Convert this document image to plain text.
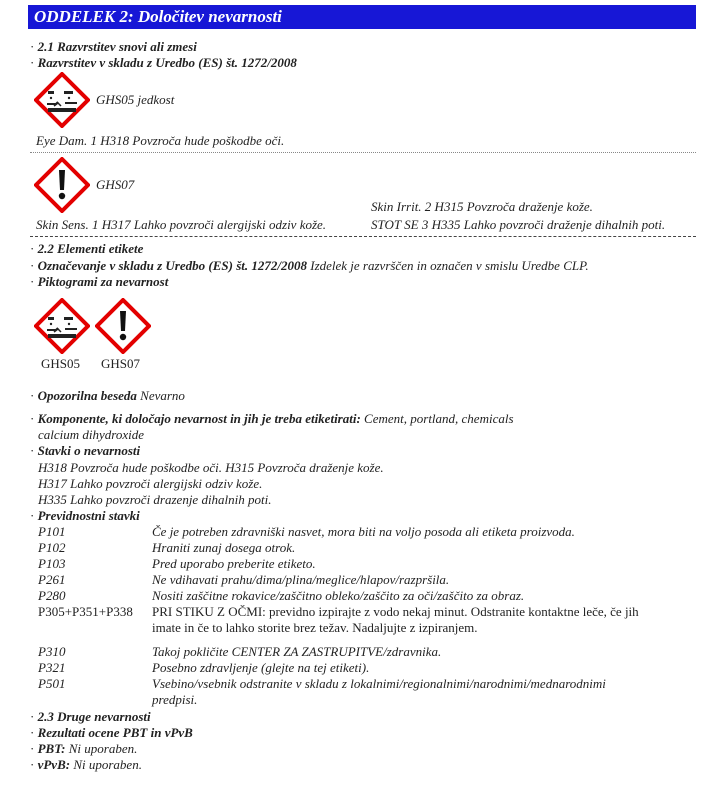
ODDELEK 2: Določitev nevarnosti
· 2.1 Razvrstitev snovi ali zmesi
· Razvrstitev v skladu z Uredbo (ES) št. 1272/2008
GHS05 jedkost
Eye Dam. 1 H318 Povzroča hude poškodbe oči.
GHS07
Skin Irrit. 2 H315 Povzroča draženje kože.
Skin Sens. 1 H317 Lahko povzroči alergijski odziv kože.	STOT SE 3 H335 Lahko povzroči draženje dihalnih poti.
· 2.2 Elementi etikete
· Označevanje v skladu z Uredbo (ES) št. 1272/2008 Izdelek je razvrščen in označen v smislu Uredbe CLP.
· Piktogrami za nevarnost
GHS05 GHS07
· Opozorilna beseda Nevarno
· Komponente, ki določajo nevarnost in jih je treba etiketirati: Cement, portland, chemicals
calcium dihydroxide
· Stavki o nevarnosti
H318 Povzroča hude poškodbe oči. H315 Povzroča draženje kože.
H317 Lahko povzroči alergijski odziv kože.
H335 Lahko povzroči drazenje dihalnih poti.
· Previdnostni stavki
P101	Če je potreben zdravniški nasvet, mora biti na voljo posoda ali etiketa proizvoda.
P102	Hraniti zunaj dosega otrok.
P103	Pred uporabo preberite etiketo.
P261	Ne vdihavati prahu/dima/plina/meglice/hlapov/razpršila.
P280	Nositi zaščitne rokavice/zaščitno obleko/zaščito za oči/zaščito za obraz.
P305+P351+P338 PRI STIKU Z OČMI: previdno izpirajte z vodo nekaj minut. Odstranite kontaktne leče, če jih
imate in če to lahko storite brez težav. Nadaljujte z izpiranjem.
P310	Takoj pokličite CENTER ZA ZASTRUPITVE/zdravnika.
P321	Posebno zdravljenje (glejte na tej etiketi).
P501	Vsebino/vsebnik odstranite v skladu z lokalnimi/regionalnimi/narodnimi/mednarodnimi
predpisi.
· 2.3 Druge nevarnosti
· Rezultati ocene PBT in vPvB
· PBT: Ni uporaben.
· vPvB: Ni uporaben.
